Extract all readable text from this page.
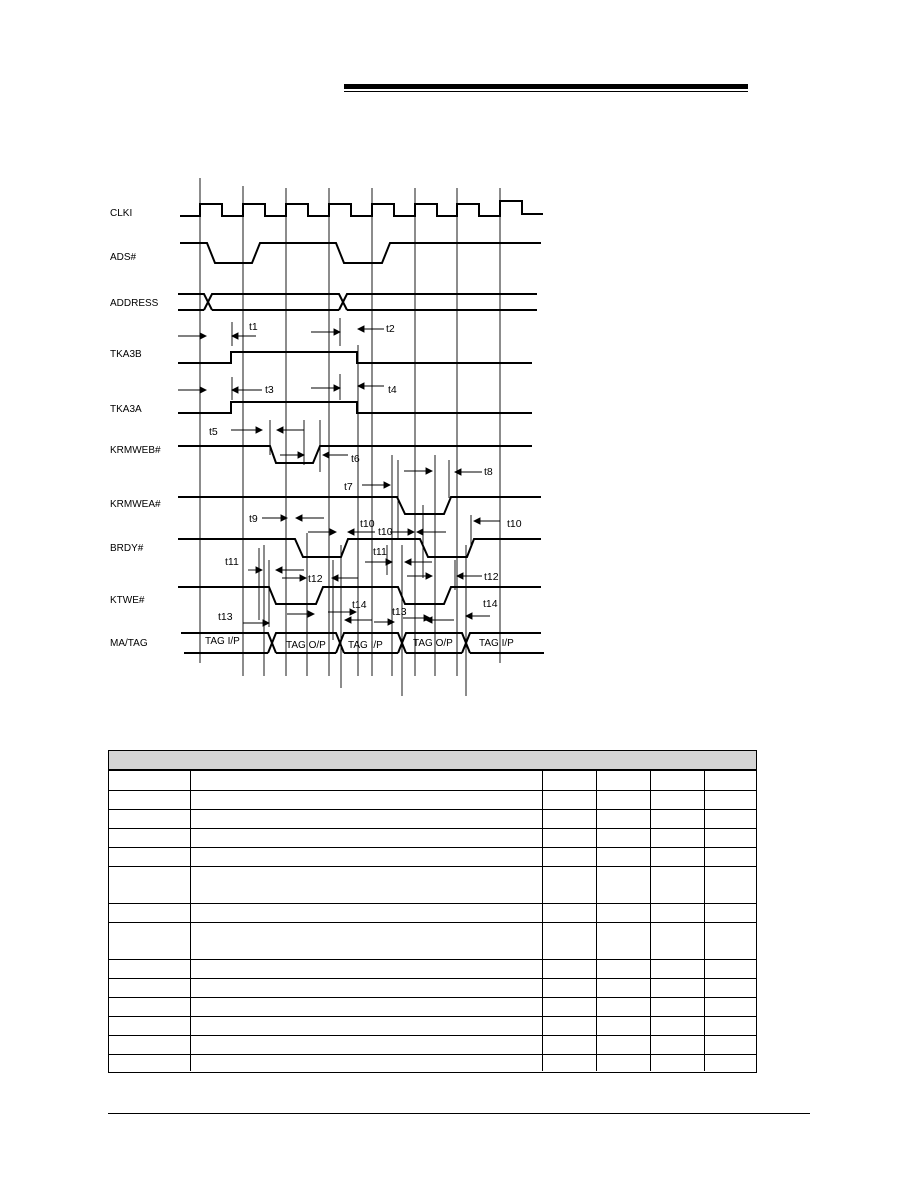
CLKI
ADS#
ADDRESS
TKA3B
TKA3A
KRMWEB#
KRMWEA#
BRDY#
KTWE#
MA/TAG
t1	t2
t3	t4
t5
t6
t7
t8
t9	t10
t10
t10
t11
t11
t12	t12
t13	t13
t14	t14
TAG I/P	TAG O/P TAG I/P	TAG O/P	TAG I/P
